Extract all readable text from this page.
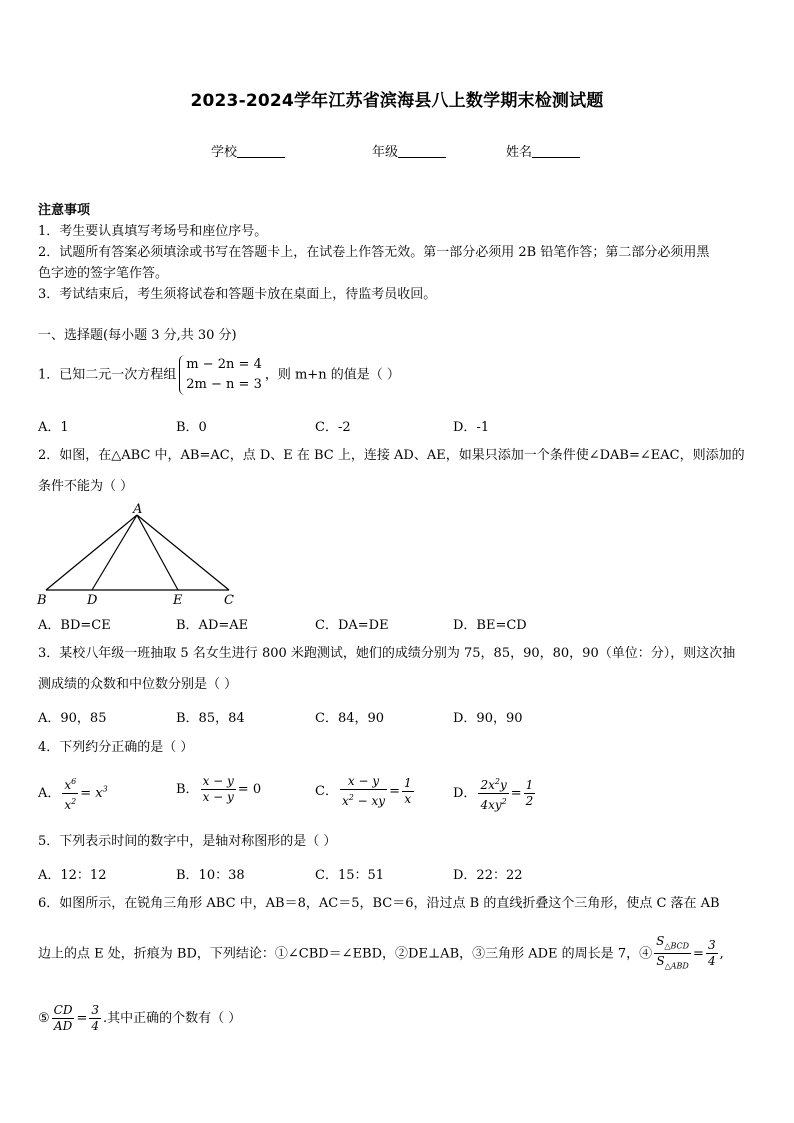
2023-2024学年江苏省滨海县八上数学期末检测试题
学校	年级	姓名
注意事项
1．考生要认真填写考场号和座位序号。
2．试题所有答案必须填涂或书写在答题卡上，在试卷上作答无效。第一部分必须用 2B 铅笔作答；第二部分必须用黑
色字迹的签字笔作答。
3．考试结束后，考生须将试卷和答题卡放在桌面上，待监考员收回。
一、选择题(每小题 3 分,共 30 分)
1．已知二元一次方程组
m − 2n = 4
2m − n = 3
，则 m+n 的值是（ ）
A．1	B．0	C．-2	D．-1
2．如图，在△ABC 中，AB=AC，点 D、E 在 BC 上，连接 AD、AE，如果只添加一个条件使∠DAB=∠EAC，则添加的
条件不能为（ ）
A
B	D	E	C
A．BD=CE	B．AD=AE	C．DA=DE	D．BE=CD
3．某校八年级一班抽取 5 名女生进行 800 米跑测试，她们的成绩分别为 75，85，90，80，90（单位：分），则这次抽
测成绩的众数和中位数分别是（ ）
A．90，85	B．85，84	C．84，90	D．90，90
4．下列约分正确的是（ ）
A． $\frac{x^6}{x^2} = x^3$	B． $\frac{x - y}{x - y} = 0$	C． $\frac{x - y}{x^2 - xy} = \frac{1}{x}$	D． $\frac{2x^2y}{4xy^2} = \frac{1}{2}$
5．下列表示时间的数字中，是轴对称图形的是（ ）
A．12：12	B．10：38	C．15：51	D．22：22
6．如图所示，在锐角三角形 ABC 中，AB＝8，AC＝5，BC＝6，沿过点 B 的直线折叠这个三角形，使点 C 落在 AB
边上的点 E 处，折痕为 BD，下列结论：①∠CBD＝∠EBD，②DE⊥AB，③三角形 ADE 的周长是 7，④ $\frac{S_{\triangle BCD}}{S_{\triangle ABD}} = \frac{3}{4}$ ,
⑤ $\frac{CD}{AD} = \frac{3}{4}$ .其中正确的个数有（ ）
